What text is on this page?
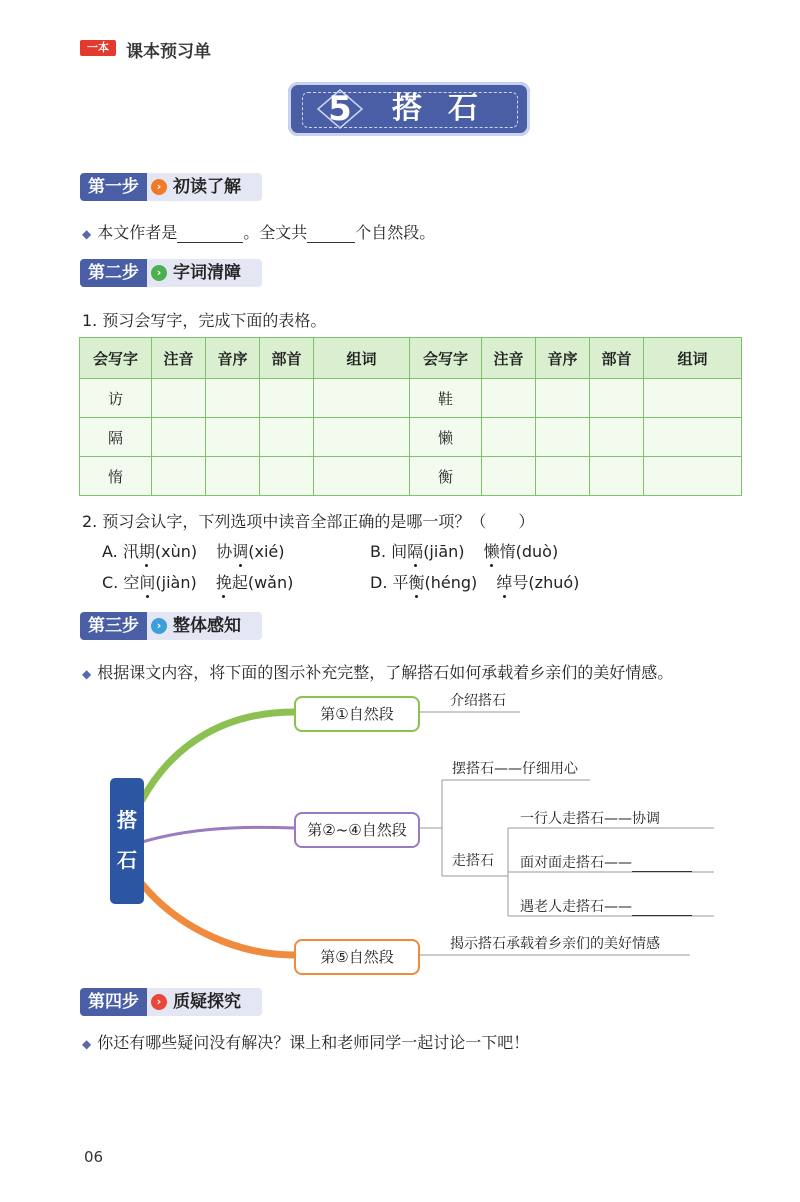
一本	课本预习单
5	搭石
第一步	› 初读了解
◆ 本文作者是	。全文共	个自然段。
第二步	› 字词清障
1. 预习会写字，完成下面的表格。
会写字	注音	音序	部首	组词	会写字	注音	音序	部首	组词
访					鞋				
隔					懒				
惰					衡				
2. 预习会认字，下列选项中读音全部正确的是哪一项？（　　）
A. 汛期(xùn) 协调(xié)	B. 间隔(jiān) 懒惰(duò)
C. 空间(jiàn) 挽起(wǎn)	D. 平衡(héng) 绰号(zhuó)
第三步	› 整体感知
◆ 根据课文内容，将下面的图示补充完整，了解搭石如何承载着乡亲们的美好情感。
搭
石
第①自然段
介绍搭石
第②~④自然段
摆搭石——仔细用心
走搭石
一行人走搭石——协调
面对面走搭石——
遇老人走搭石——
第⑤自然段
揭示搭石承载着乡亲们的美好情感
第四步	› 质疑探究
◆ 你还有哪些疑问没有解决？课上和老师同学一起讨论一下吧！
06
